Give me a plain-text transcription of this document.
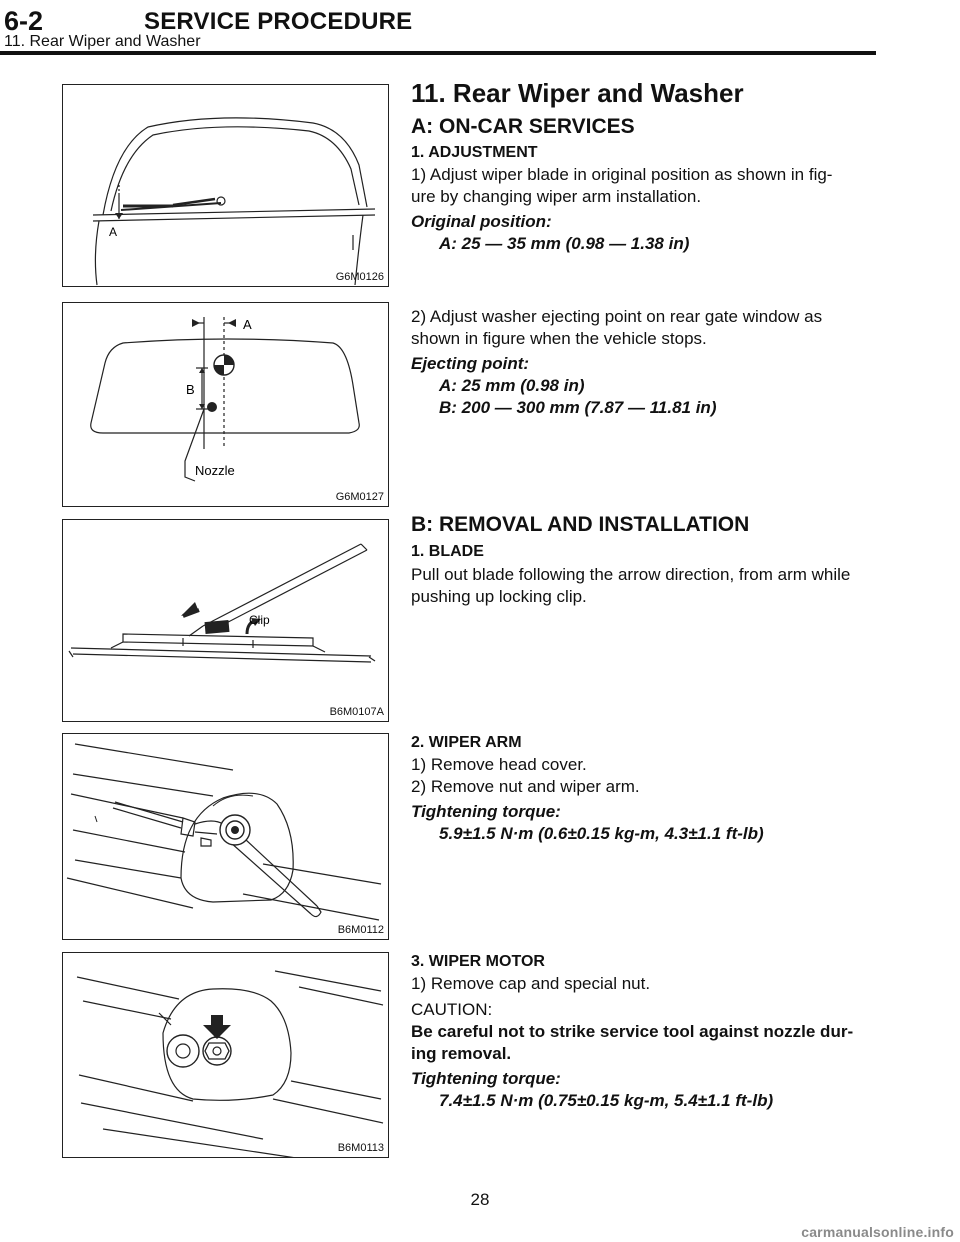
6-2	SERVICE PROCEDURE
11. Rear Wiper and Washer
A
G6M0126
A
B
Nozzle
G6M0127
Clip
B6M0107A
B6M0112
B6M0113
11. Rear Wiper and Washer
A: ON-CAR SERVICES
1. ADJUSTMENT
1) Adjust wiper blade in original position as shown in fig-
ure by changing wiper arm installation.
Original position:
A: 25 — 35 mm (0.98 — 1.38 in)
2) Adjust washer ejecting point on rear gate window as
shown in figure when the vehicle stops.
Ejecting point:
A: 25 mm (0.98 in)
B: 200 — 300 mm (7.87 — 11.81 in)
B: REMOVAL AND INSTALLATION
1. BLADE
Pull out blade following the arrow direction, from arm while
pushing up locking clip.
2. WIPER ARM
1) Remove head cover.
2) Remove nut and wiper arm.
Tightening torque:
5.9±1.5 N·m (0.6±0.15 kg-m, 4.3±1.1 ft-lb)
3. WIPER MOTOR
1) Remove cap and special nut.
CAUTION:
Be careful not to strike service tool against nozzle dur-
ing removal.
Tightening torque:
7.4±1.5 N·m (0.75±0.15 kg-m, 5.4±1.1 ft-lb)
28
carmanualsonline.info
